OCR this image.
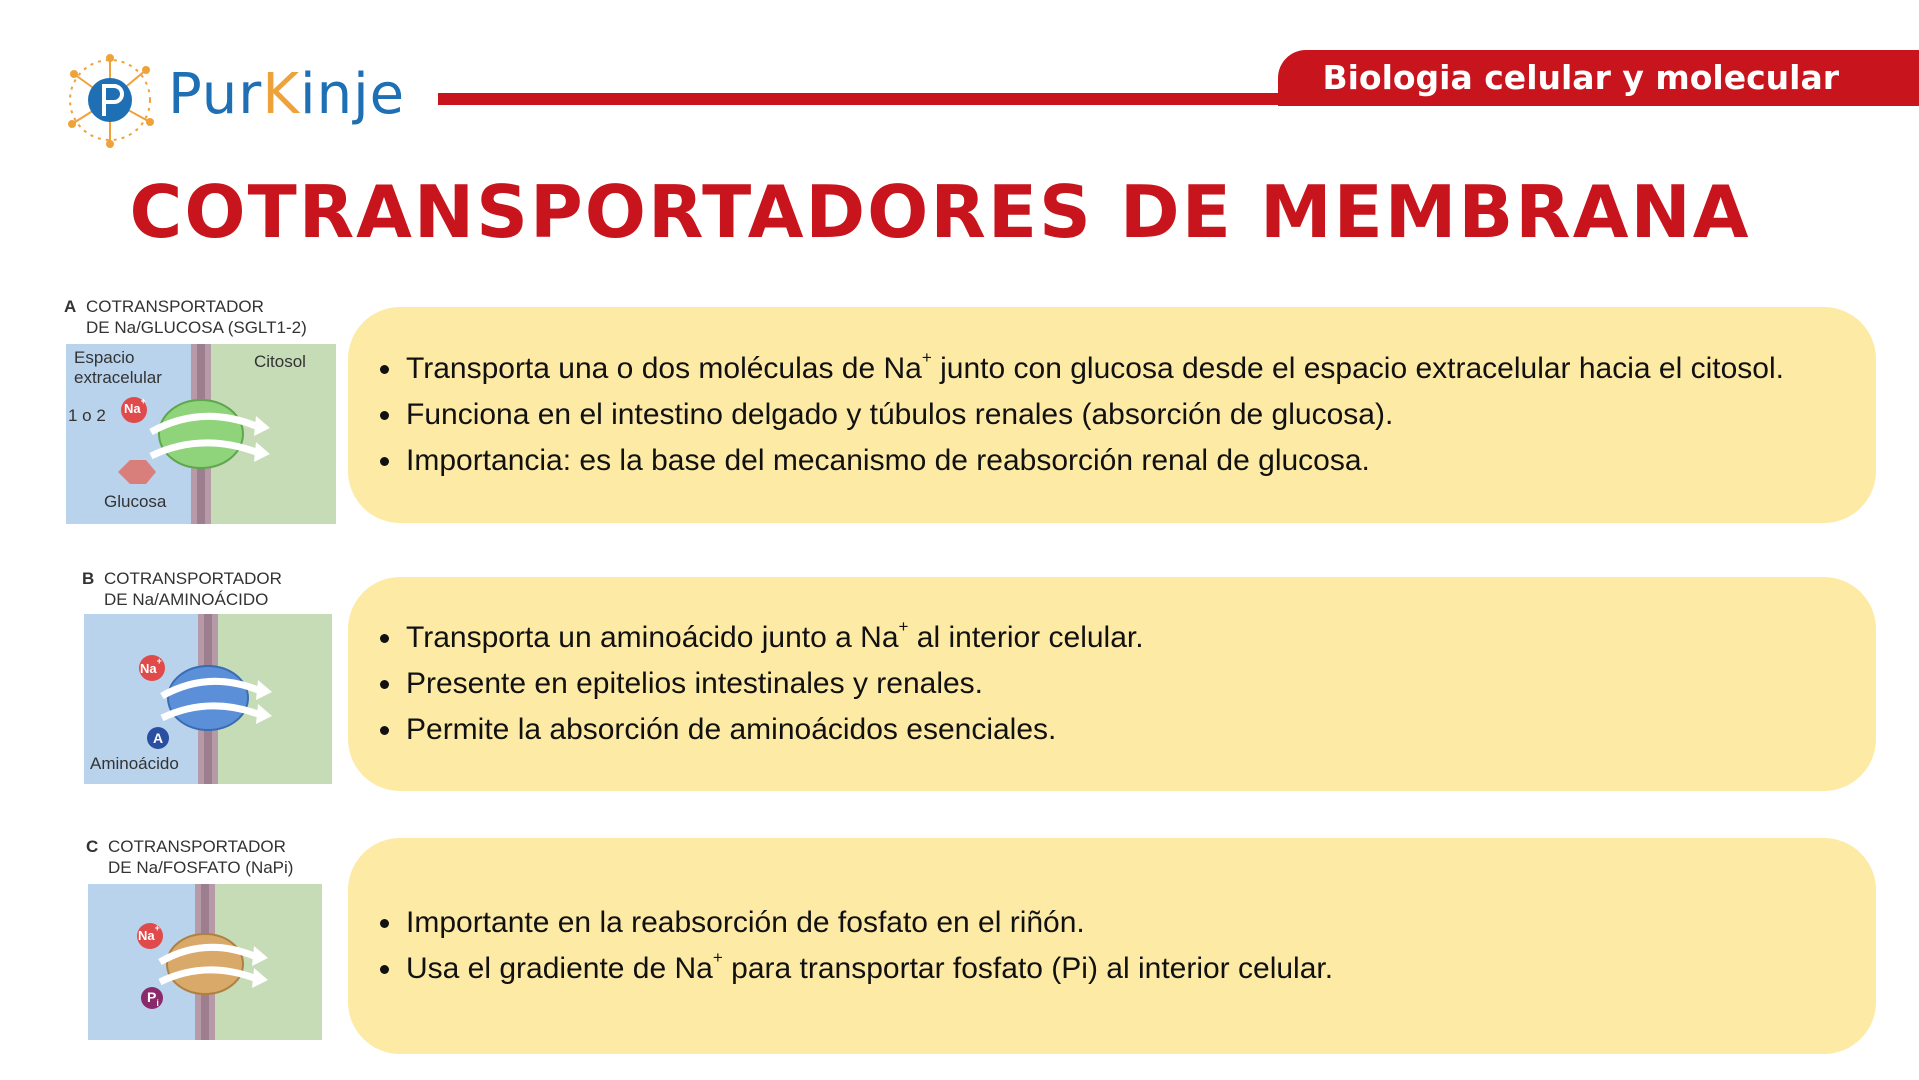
PurKinje	Biologia celular y molecular
COTRANSPORTADORES DE MEMBRANA
A COTRANSPORTADOR
DE Na/GLUCOSA (SGLT1-2)
Espacio
extracelular
Citosol
1 o 2 Na+
Glucosa
B COTRANSPORTADOR
DE Na/AMINOÁCIDO
Na+
A
Aminoácido
C COTRANSPORTADOR
DE Na/FOSFATO (NaPi)
Na+
$P_i$
Transporta una o dos moléculas de Na+ junto con glucosa desde el espacio extracelular hacia el citosol.
Funciona en el intestino delgado y túbulos renales (absorción de glucosa).
Importancia: es la base del mecanismo de reabsorción renal de glucosa.
Transporta un aminoácido junto a Na+ al interior celular.
Presente en epitelios intestinales y renales.
Permite la absorción de aminoácidos esenciales.
Importante en la reabsorción de fosfato en el riñón.
Usa el gradiente de Na+ para transportar fosfato (Pi) al interior celular.
